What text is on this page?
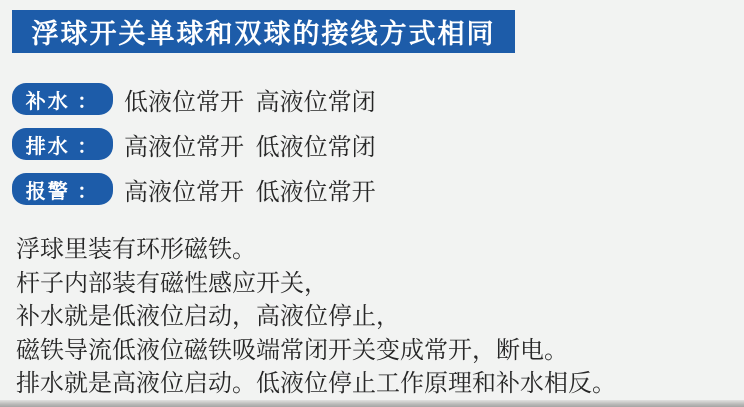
浮球开关单球和双球的接线方式相同
补水 ：	低液位常开 高液位常闭
排水 ：	高液位常开 低液位常闭
报警 ：	高液位常开 低液位常开
浮球里装有环形磁铁。
杆子内部装有磁性感应开关，
补水就是低液位启动，高液位停止，
磁铁导流低液位磁铁吸端常闭开关变成常开，断电。
排水就是高液位启动。低液位停止工作原理和补水相反。
